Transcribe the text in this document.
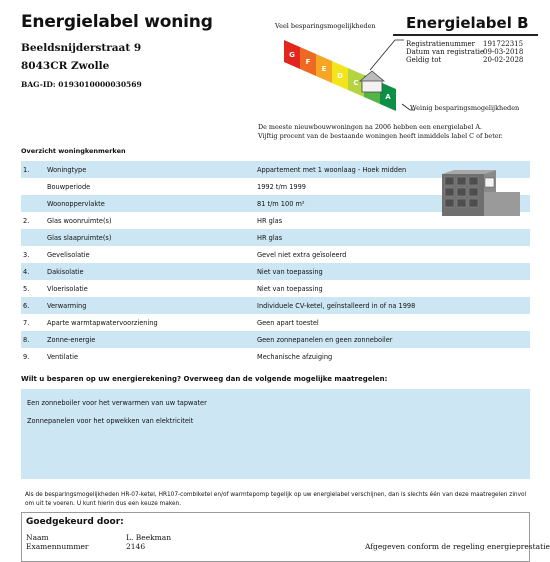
Energielabel woning
Beeldsnijderstraat 9
8043CR Zwolle
BAG-ID: 0193010000030569
Veel besparingsmogelijkheden
G
F
E
D
C
A
Weinig besparingsmogelijkheden
Energielabel B
Registratienummer 191722315
Datum van registratie
09-03-2018
Geldig tot	20-02-2028
De meeste nieuwbouwwoningen na 2006 hebben een energielabel A. Vijftig procent van de bestaande woningen heeft inmiddels label C of beter.
Overzicht woningkenmerken
1.	Woningtype	Appartement met 1 woonlaag - Hoek midden
Bouwperiode	1992 t/m 1999
Woonoppervlakte	81 t/m 100 m²
2.	Glas woonruimte(s)	HR glas
Glas slaapruimte(s)	HR glas
3.	Gevelisolatie	Gevel niet extra geïsoleerd
4.	Dakisolatie	Niet van toepassing
5.	Vloerisolatie	Niet van toepassing
6.	Verwarming	Individuele CV-ketel, geïnstalleerd in of na 1998
7.	Aparte warmtapwatervoorziening	Geen apart toestel
8.	Zonne-energie	Geen zonnepanelen en geen zonneboiler
9.	Ventilatie	Mechanische afzuiging
Wilt u besparen op uw energierekening? Overweeg dan de volgende mogelijke maatregelen:
Een zonneboiler voor het verwarmen van uw tapwater
Zonnepanelen voor het opwekken van elektriciteit
Als de besparingsmogelijkheden HR-07-ketel, HR107-combiketel en/of warmtepomp tegelijk op uw energielabel verschijnen, dan is slechts één van deze maatregelen zinvol om uit te voeren. U kunt hierin dus een keuze maken.
Goedgekeurd door:
Naam	L. Beekman
Examennummer	2146	Afgegeven conform de regeling energieprestatie
